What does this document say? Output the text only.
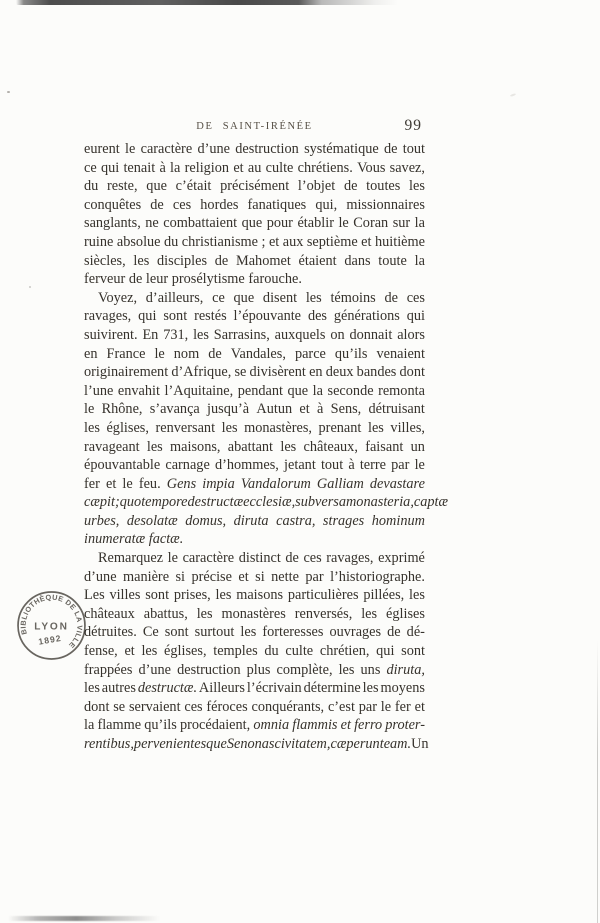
DE SAINT-IRÉNÉE	99
eurent le caractère d’une destruction systématique de tout
ce qui tenait à la religion et au culte chrétiens. Vous savez,
du reste, que c’était précisément l’objet de toutes les
conquêtes de ces hordes fanatiques qui, missionnaires
sanglants, ne combattaient que pour établir le Coran sur la
ruine absolue du christianisme ; et aux septième et huitième
siècles, les disciples de Mahomet étaient dans toute la
ferveur de leur prosélytisme farouche.
Voyez, d’ailleurs, ce que disent les témoins de ces
ravages, qui sont restés l’épouvante des générations qui
suivirent. En 731, les Sarrasins, auxquels on donnait alors
en France le nom de Vandales, parce qu’ils venaient
originairement d’Afrique, se divisèrent en deux bandes dont
l’une envahit l’Aquitaine, pendant que la seconde remonta
le Rhône, s’avança jusqu’à Autun et à Sens, détruisant
les églises, renversant les monastères, prenant les villes,
ravageant les maisons, abattant les châteaux, faisant un
épouvantable carnage d’hommes, jetant tout à terre par le
fer et le feu. Gens impia Vandalorum Galliam devastare
cæpit ; quo tempore destructæ ecclesiæ, subversa monasteria, captæ
urbes, desolatæ domus, diruta castra, strages hominum
inumeratæ factæ.
Remarquez le caractère distinct de ces ravages, exprimé
d’une manière si précise et si nette par l’historiographe.
Les villes sont prises, les maisons particulières pillées, les
châteaux abattus, les monastères renversés, les églises
détruites. Ce sont surtout les forteresses ouvrages de dé-
fense, et les églises, temples du culte chrétien, qui sont
frappées d’une destruction plus complète, les uns diruta,
les autres destructæ. Ailleurs l’écrivain détermine les moyens
dont se servaient ces féroces conquérants, c’est par le fer et
la flamme qu’ils procédaient, omnia flammis et ferro proter-
rentibus, pervenientes que Senonas civitatem, cæperunt eam. Un
BIBLIOTHÈQUE DE LA VILLE
LYON
1892
